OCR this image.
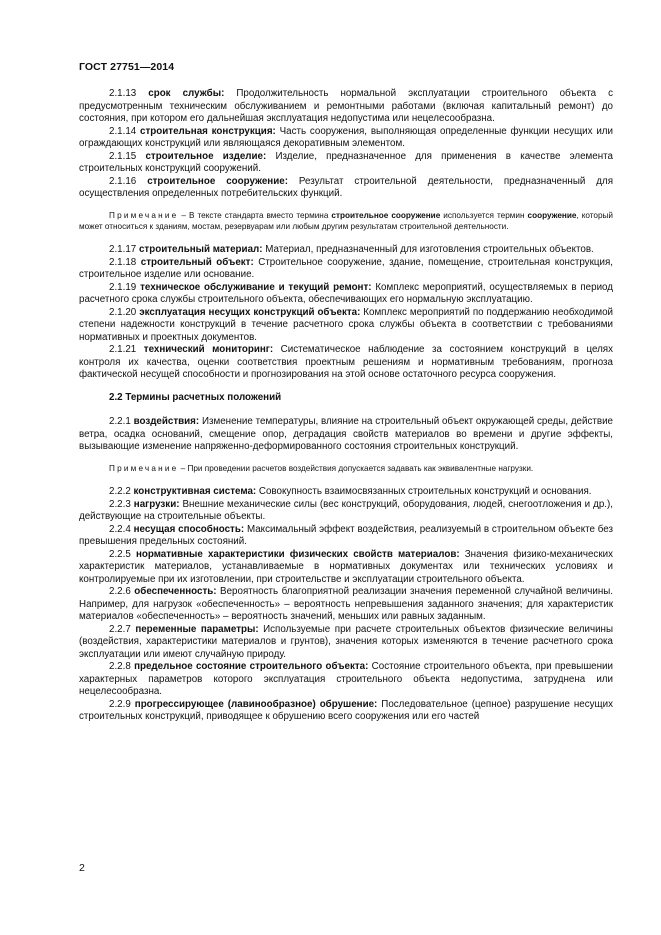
ГОСТ 27751—2014

2.1.13 срок службы: Продолжительность нормальной эксплуатации строительного объекта с предусмотренным техническим обслуживанием и ремонтными работами (включая капитальный ремонт) до состояния, при котором его дальнейшая эксплуатация недопустима или нецелесообразна.

2.1.14 строительная конструкция: Часть сооружения, выполняющая определенные функции несущих или ограждающих конструкций или являющаяся декоративным элементом.

2.1.15 строительное изделие: Изделие, предназначенное для применения в качестве элемента строительных конструкций сооружений.

2.1.16 строительное сооружение: Результат строительной деятельности, предназначенный для осуществления определенных потребительских функций.

Примечание – В тексте стандарта вместо термина строительное сооружение используется термин сооружение, который может относиться к зданиям, мостам, резервуарам или любым другим результатам строительной деятельности.

2.1.17 строительный материал: Материал, предназначенный для изготовления строительных объектов.

2.1.18 строительный объект: Строительное сооружение, здание, помещение, строительная конструкция, строительное изделие или основание.

2.1.19 техническое обслуживание и текущий ремонт: Комплекс мероприятий, осуществляемых в период расчетного срока службы строительного объекта, обеспечивающих его нормальную эксплуатацию.

2.1.20 эксплуатация несущих конструкций объекта: Комплекс мероприятий по поддержанию необходимой степени надежности конструкций в течение расчетного срока службы объекта в соответствии с требованиями нормативных и проектных документов.

2.1.21 технический мониторинг: Систематическое наблюдение за состоянием конструкций в целях контроля их качества, оценки соответствия проектным решениям и нормативным требованиям, прогноза фактической несущей способности и прогнозирования на этой основе остаточного ресурса сооружения.

2.2 Термины расчетных положений

2.2.1 воздействия: Изменение температуры, влияние на строительный объект окружающей среды, действие ветра, осадка оснований, смещение опор, деградация свойств материалов во времени и другие эффекты, вызывающие изменение напряженно-деформированного состояния строительных конструкций.

Примечание – При проведении расчетов воздействия допускается задавать как эквивалентные нагрузки.

2.2.2 конструктивная система: Совокупность взаимосвязанных строительных конструкций и основания.

2.2.3 нагрузки: Внешние механические силы (вес конструкций, оборудования, людей, снегоотложения и др.), действующие на строительные объекты.

2.2.4 несущая способность: Максимальный эффект воздействия, реализуемый в строительном объекте без превышения предельных состояний.

2.2.5 нормативные характеристики физических свойств материалов: Значения физико-механических характеристик материалов, устанавливаемые в нормативных документах или технических условиях и контролируемые при их изготовлении, при строительстве и эксплуатации строительного объекта.

2.2.6 обеспеченность: Вероятность благоприятной реализации значения переменной случайной величины. Например, для нагрузок «обеспеченность» – вероятность непревышения заданного значения; для характеристик материалов «обеспеченность» – вероятность значений, меньших или равных заданным.

2.2.7 переменные параметры: Используемые при расчете строительных объектов физические величины (воздействия, характеристики материалов и грунтов), значения которых изменяются в течение расчетного срока эксплуатации или имеют случайную природу.

2.2.8 предельное состояние строительного объекта: Состояние строительного объекта, при превышении характерных параметров которого эксплуатация строительного объекта недопустима, затруднена или нецелесообразна.

2.2.9 прогрессирующее (лавинообразное) обрушение: Последовательное (цепное) разрушение несущих строительных конструкций, приводящее к обрушению всего сооружения или его частей

2
